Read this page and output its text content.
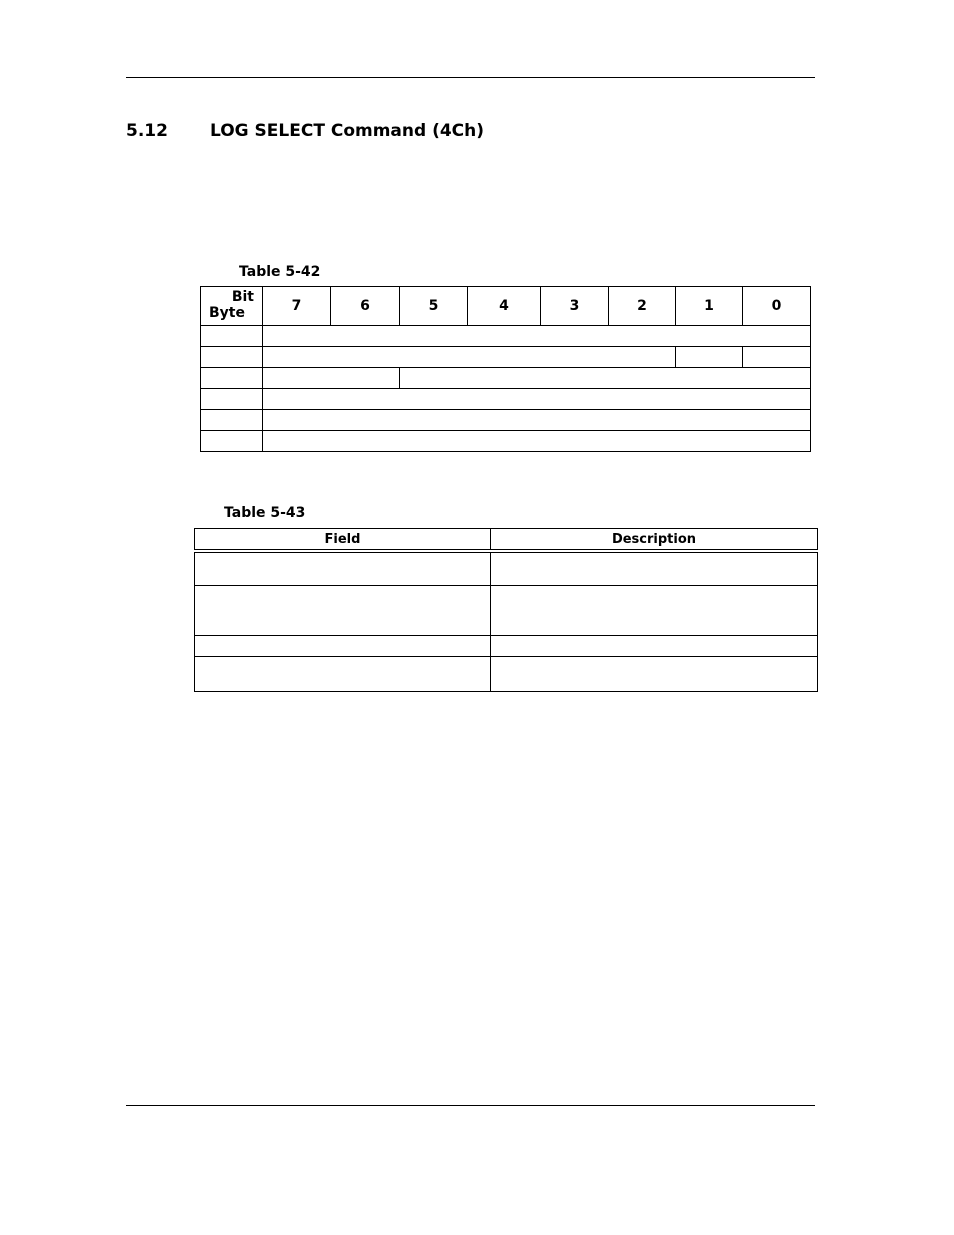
5.12 LOG SELECT Command (4Ch)
Table 5-42
Bit
Byte	7	6	5	4	3	2	1	0

Table 5-43
Field	Description
